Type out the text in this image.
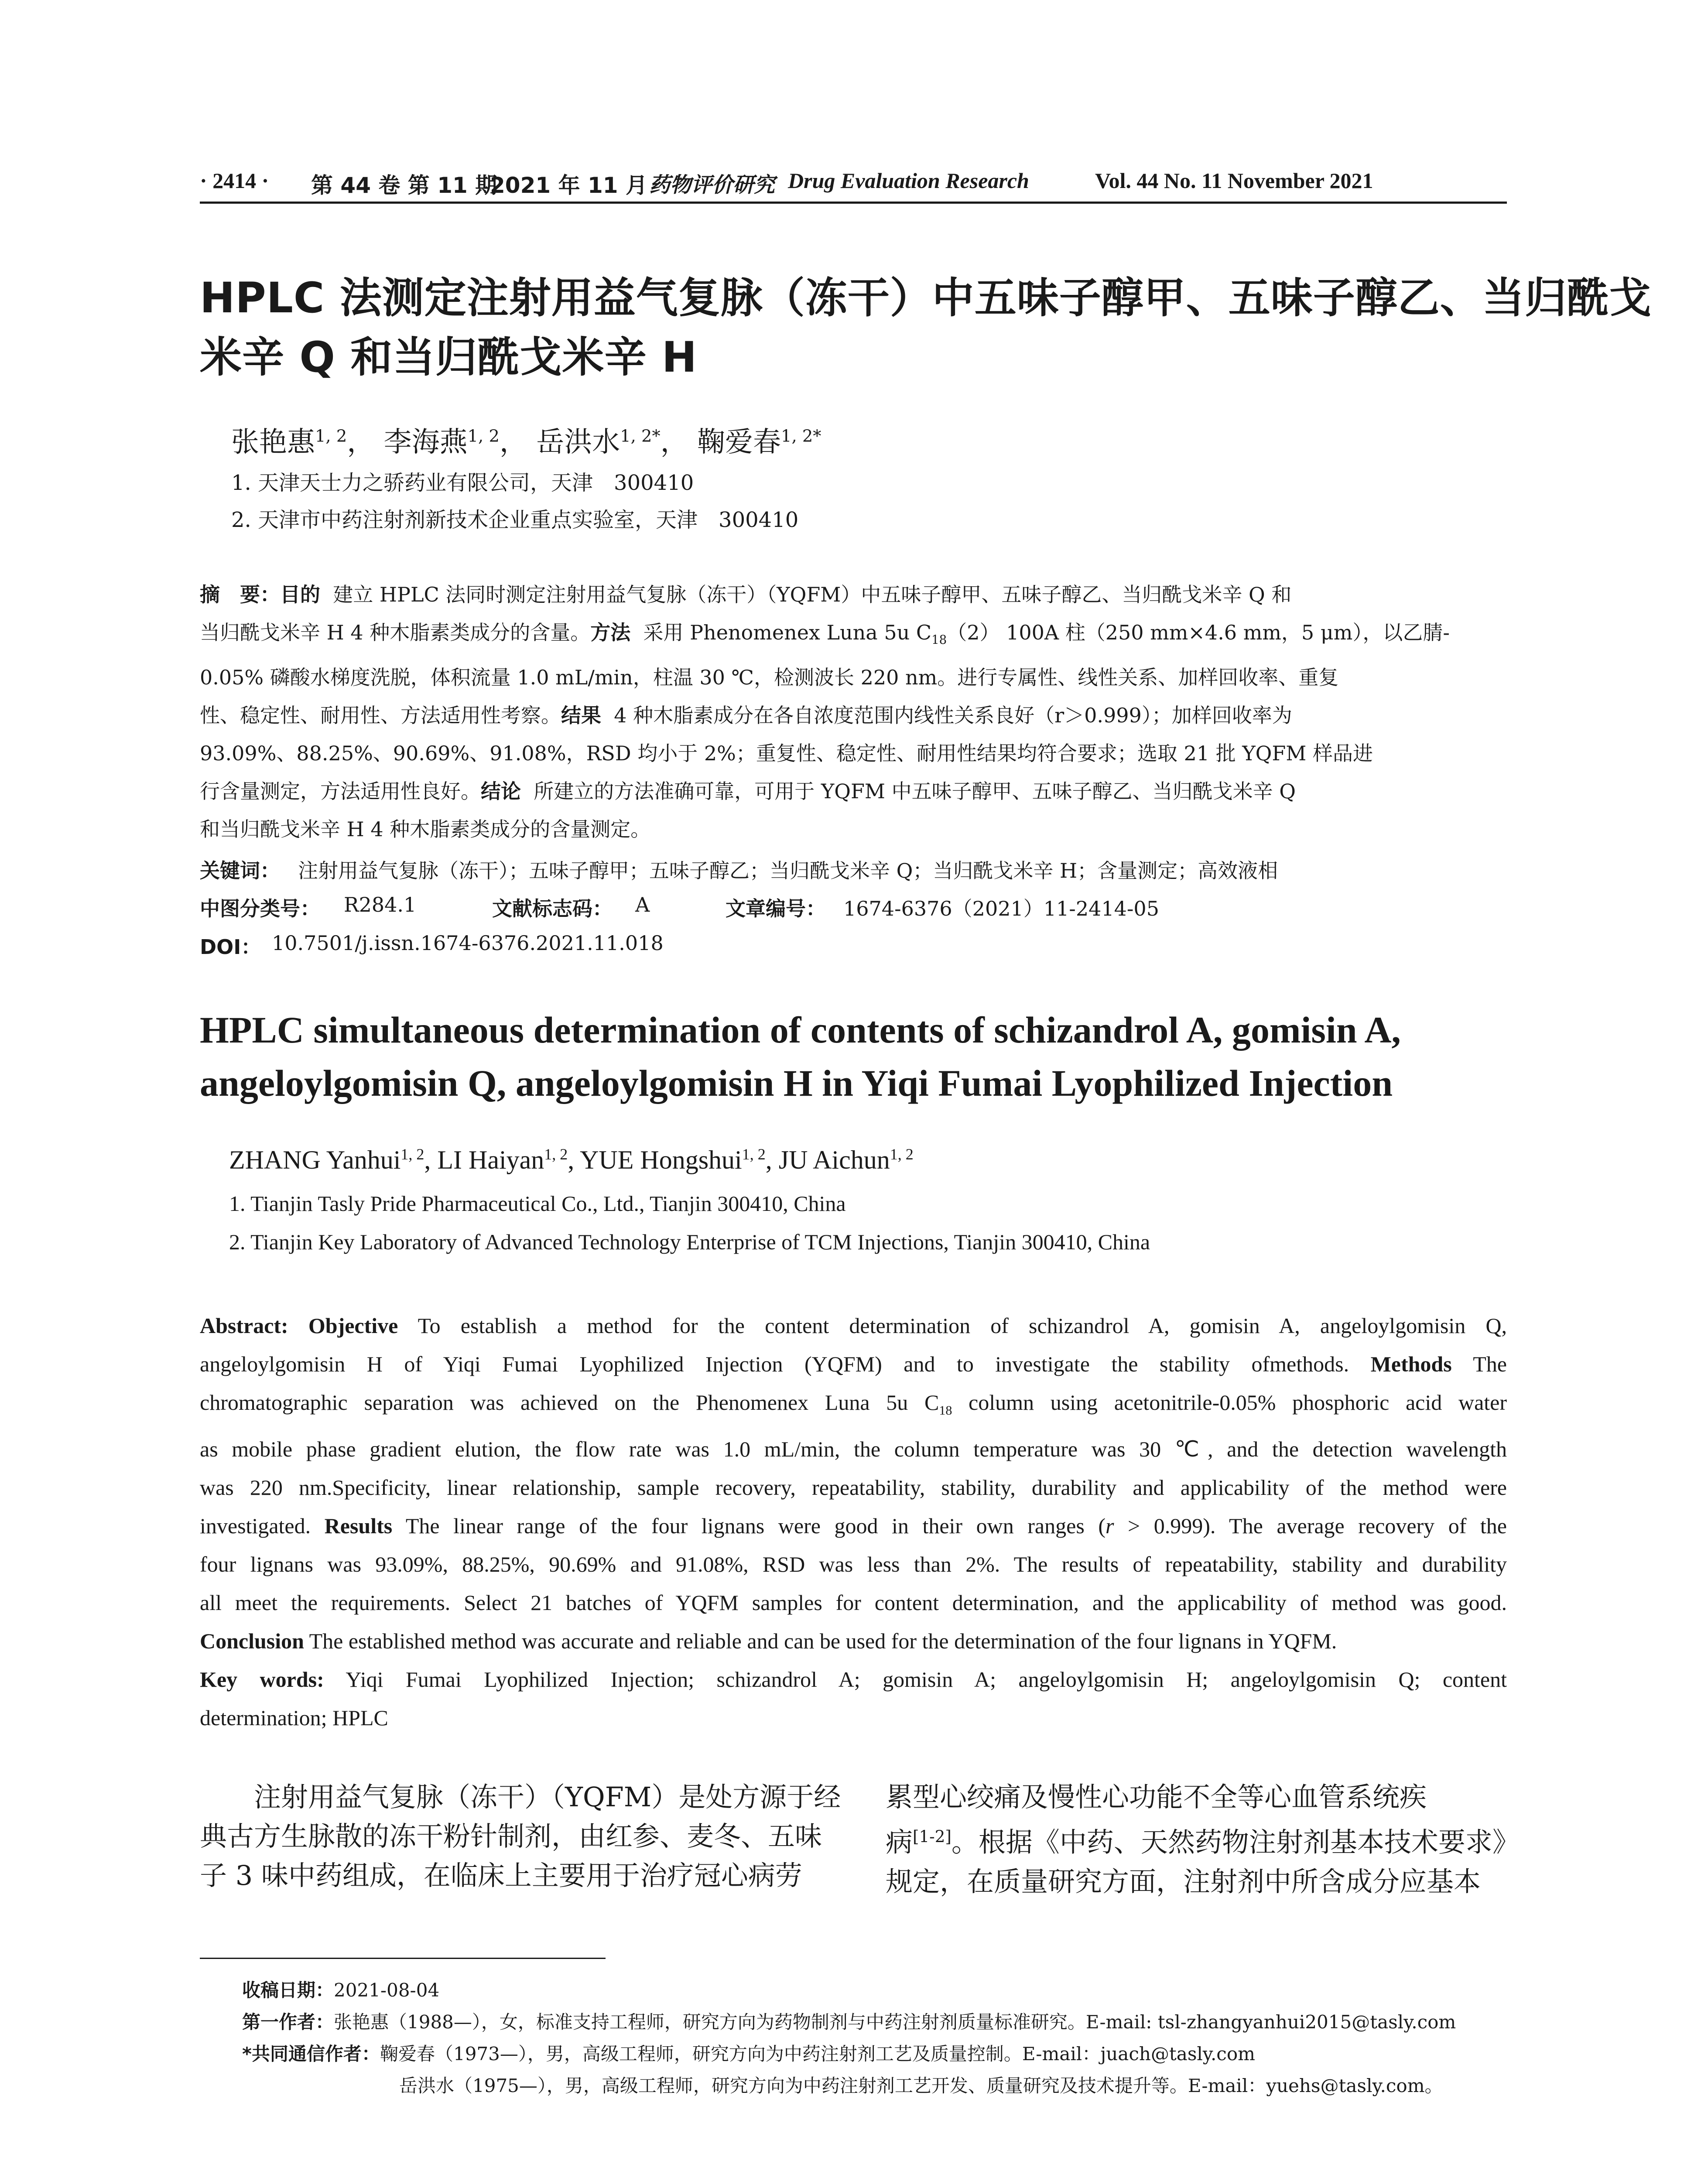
· 2414 · 第 44 卷 第 11 期
2021 年 11 月 药物评价研究 Drug Evaluation Research	Vol. 44 No. 11 November 2021
HPLC 法测定注射用益气复脉（冻干）中五味子醇甲、五味子醇乙、当归酰戈
米辛 Q 和当归酰戈米辛 H
张艳惠$^{1, 2}$， 李海燕$^{1, 2}$， 岳洪水$^{1, 2*}$， 鞠爱春$^{1, 2*}$
1. 天津天士力之骄药业有限公司，天津　300410
2. 天津市中药注射剂新技术企业重点实验室，天津　300410
摘　要：目的 建立 HPLC 法同时测定注射用益气复脉（冻干）（YQFM）中五味子醇甲、五味子醇乙、当归酰戈米辛 Q 和
当归酰戈米辛 H 4 种木脂素类成分的含量。方法 采用 Phenomenex Luna 5u $C_{18}(2)$ 100A 柱（250 mm×4.6 mm，5 μm），以乙腈-
0.05% 磷酸水梯度洗脱，体积流量 1.0 mL/min，柱温 30 ℃，检测波长 220 nm。进行专属性、线性关系、加样回收率、重复
性、稳定性、耐用性、方法适用性考察。结果 4 种木脂素成分在各自浓度范围内线性关系良好（r＞0.999）；加样回收率为
93.09%、88.25%、90.69%、91.08%，RSD 均小于 2%；重复性、稳定性、耐用性结果均符合要求；选取 21 批 YQFM 样品进
行含量测定，方法适用性良好。结论 所建立的方法准确可靠，可用于 YQFM 中五味子醇甲、五味子醇乙、当归酰戈米辛 Q
和当归酰戈米辛 H 4 种木脂素类成分的含量测定。
关键词： 注射用益气复脉（冻干）；五味子醇甲；五味子醇乙；当归酰戈米辛 Q；当归酰戈米辛 H；含量测定；高效液相
中图分类号： R284.1	文献标志码： A	文章编号： 1674-6376（2021）11-2414-05
DOI： 10.7501/j.issn.1674-6376.2021.11.018
HPLC simultaneous determination of contents of schizandrol A, gomisin A,
angeloylgomisin Q, angeloylgomisin H in Yiqi Fumai Lyophilized Injection
ZHANG Yanhui$^{1, 2}$, LI Haiyan$^{1, 2}$, YUE Hongshui$^{1, 2}$, JU Aichun$^{1, 2}$
1. Tianjin Tasly Pride Pharmaceutical Co., Ltd., Tianjin 300410, China
2. Tianjin Key Laboratory of Advanced Technology Enterprise of TCM Injections, Tianjin 300410, China
Abstract: Objective To establish a method for the content determination of schizandrol A, gomisin A, angeloylgomisin Q,
angeloylgomisin H of Yiqi Fumai Lyophilized Injection (YQFM) and to investigate the stability ofmethods. Methods The
chromatographic separation was achieved on the Phenomenex Luna 5u $C_{18}$ column using acetonitrile-0.05% phosphoric acid water
as mobile phase gradient elution, the flow rate was 1.0 mL/min, the column temperature was 30 ℃, and the detection wavelength
was 220 nm.Specificity, linear relationship, sample recovery, repeatability, stability, durability and applicability of the method were
investigated. Results The linear range of the four lignans were good in their own ranges (r > 0.999). The average recovery of the
four lignans was 93.09%, 88.25%, 90.69% and 91.08%, RSD was less than 2%. The results of repeatability, stability and durability
all meet the requirements. Select 21 batches of YQFM samples for content determination, and the applicability of method was good.
Conclusion The established method was accurate and reliable and can be used for the determination of the four lignans in YQFM.
Key words: Yiqi Fumai Lyophilized Injection; schizandrol A; gomisin A; angeloylgomisin H; angeloylgomisin Q; content
determination; HPLC
注射用益气复脉（冻干）（YQFM）是处方源于经
典古方生脉散的冻干粉针制剂，由红参、麦冬、五味
子 3 味中药组成，在临床上主要用于治疗冠心病劳
累型心绞痛及慢性心功能不全等心血管系统疾
病[1-2]。根据《中药、天然药物注射剂基本技术要求》
规定，在质量研究方面，注射剂中所含成分应基本
收稿日期：2021-08-04
第一作者：张艳惠（1988—），女，标准支持工程师，研究方向为药物制剂与中药注射剂质量标准研究。E-mail: tsl-zhangyanhui2015@tasly.com
*共同通信作者：鞠爱春（1973—），男，高级工程师，研究方向为中药注射剂工艺及质量控制。E-mail：juach@tasly.com
岳洪水（1975—），男，高级工程师，研究方向为中药注射剂工艺开发、质量研究及技术提升等。E-mail：yuehs@tasly.com。
